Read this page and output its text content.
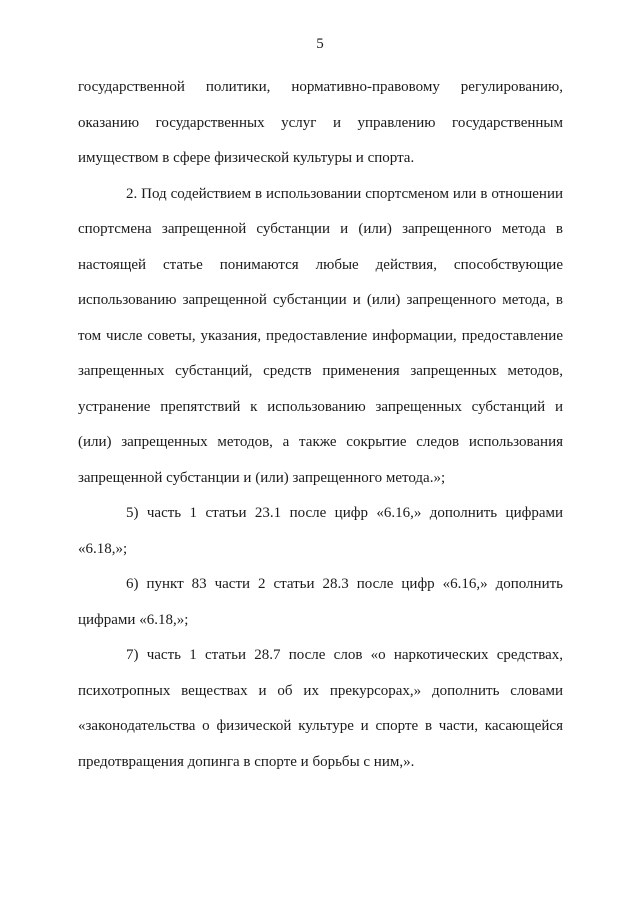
5

государственной политики, нормативно-правовому регулированию, оказанию государственных услуг и управлению государственным имуществом в сфере физической культуры и спорта.

2. Под содействием в использовании спортсменом или в отношении спортсмена запрещенной субстанции и (или) запрещенного метода в настоящей статье понимаются любые действия, способствующие использованию запрещенной субстанции и (или) запрещенного метода, в том числе советы, указания, предоставление информации, предоставление запрещенных субстанций, средств применения запрещенных методов, устранение препятствий к использованию запрещенных субстанций и (или) запрещенных методов, а также сокрытие следов использования запрещенной субстанции и (или) запрещенного метода.»;

5) часть 1 статьи 23.1 после цифр «6.16,» дополнить цифрами «6.18,»;

6) пункт 83 части 2 статьи 28.3 после цифр «6.16,» дополнить цифрами «6.18,»;

7) часть 1 статьи 28.7 после слов «о наркотических средствах, психотропных веществах и об их прекурсорах,» дополнить словами «законодательства о физической культуре и спорте в части, касающейся предотвращения допинга в спорте и борьбы с ним,».
